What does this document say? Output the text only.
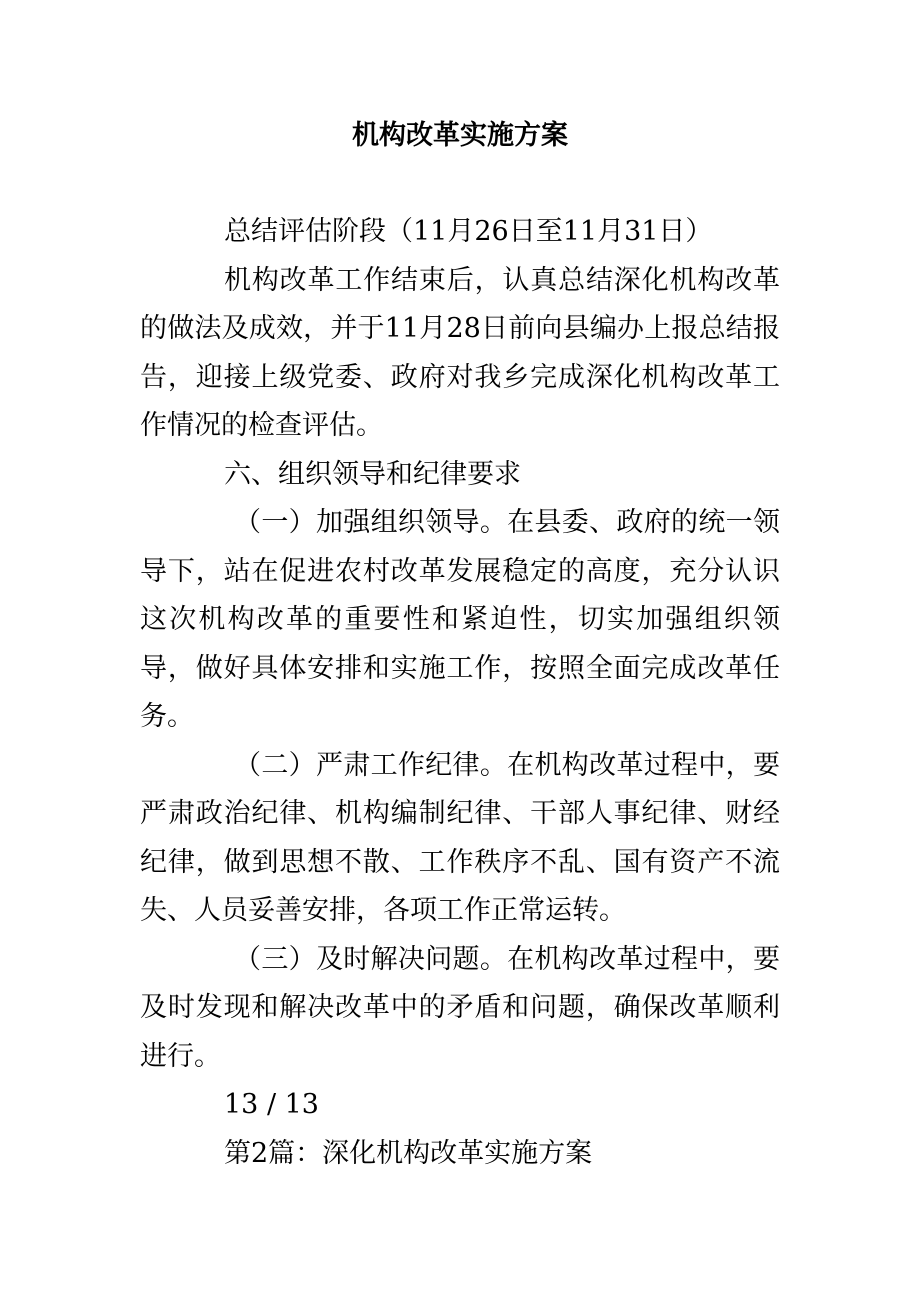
机构改革实施方案

总结评估阶段（11月26日至11月31日）

机构改革工作结束后，认真总结深化机构改革的做法及成效，并于11月28日前向县编办上报总结报告，迎接上级党委、政府对我乡完成深化机构改革工作情况的检查评估。

六、组织领导和纪律要求

（一）加强组织领导。在县委、政府的统一领导下，站在促进农村改革发展稳定的高度，充分认识这次机构改革的重要性和紧迫性，切实加强组织领导，做好具体安排和实施工作，按照全面完成改革任务。

（二）严肃工作纪律。在机构改革过程中，要严肃政治纪律、机构编制纪律、干部人事纪律、财经纪律，做到思想不散、工作秩序不乱、国有资产不流失、人员妥善安排，各项工作正常运转。

（三）及时解决问题。在机构改革过程中，要及时发现和解决改革中的矛盾和问题，确保改革顺利进行。

13 / 13

第2篇：深化机构改革实施方案
